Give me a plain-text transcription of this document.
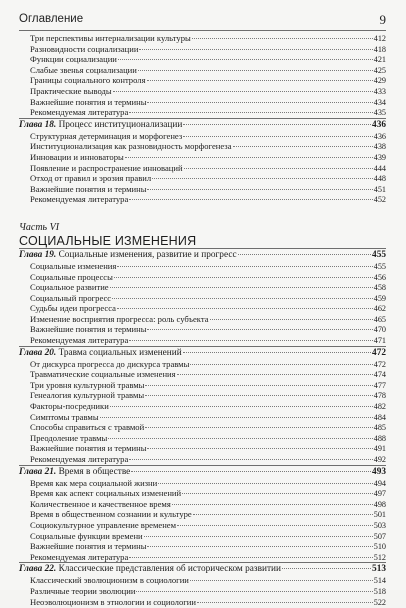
Оглавление	9
Три перспективы интернализации культуры	412
Разновидности социализации	418
Функции социализации	421
Слабые звенья социализации	425
Границы социального контроля	429
Практические выводы	433
Важнейшие понятия и термины	434
Рекомендуемая литература	435
Глава 18. Процесс институционализации	436
Структурная детерминация и морфогенез	436
Институционализация как разновидность морфогенеза	438
Инновации и инноваторы	439
Появление и распространение инноваций	444
Отход от правил и эрозия правил	448
Важнейшие понятия и термины	451
Рекомендуемая литература	452
Часть VI
СОЦИАЛЬНЫЕ ИЗМЕНЕНИЯ
Глава 19. Социальные изменения, развитие и прогресс	455
Социальные изменения	455
Социальные процессы	456
Социальное развитие	458
Социальный прогресс	459
Судьбы идеи прогресса	462
Изменение восприятия прогресса: роль субъекта	465
Важнейшие понятия и термины	470
Рекомендуемая литература	471
Глава 20. Травма социальных изменений	472
От дискурса прогресса до дискурса травмы	472
Травматические социальные изменения	474
Три уровня культурной травмы	477
Генеалогия культурной травмы	478
Факторы-посредники	482
Симптомы травмы	484
Способы справиться с травмой	485
Преодоление травмы	488
Важнейшие понятия и термины	491
Рекомендуемая литература	492
Глава 21. Время в обществе	493
Время как мера социальной жизни	494
Время как аспект социальных изменений	497
Количественное и качественное время	498
Время в общественном сознании и культуре	501
Социокультурное управление временем	503
Социальные функции времени	507
Важнейшие понятия и термины	510
Рекомендуемая литература	512
Глава 22. Классические представления об историческом развитии	513
Классический эволюционизм в социологии	514
Различные теории эволюции	518
Неоэволюционизм в этнологии и социологии	522
